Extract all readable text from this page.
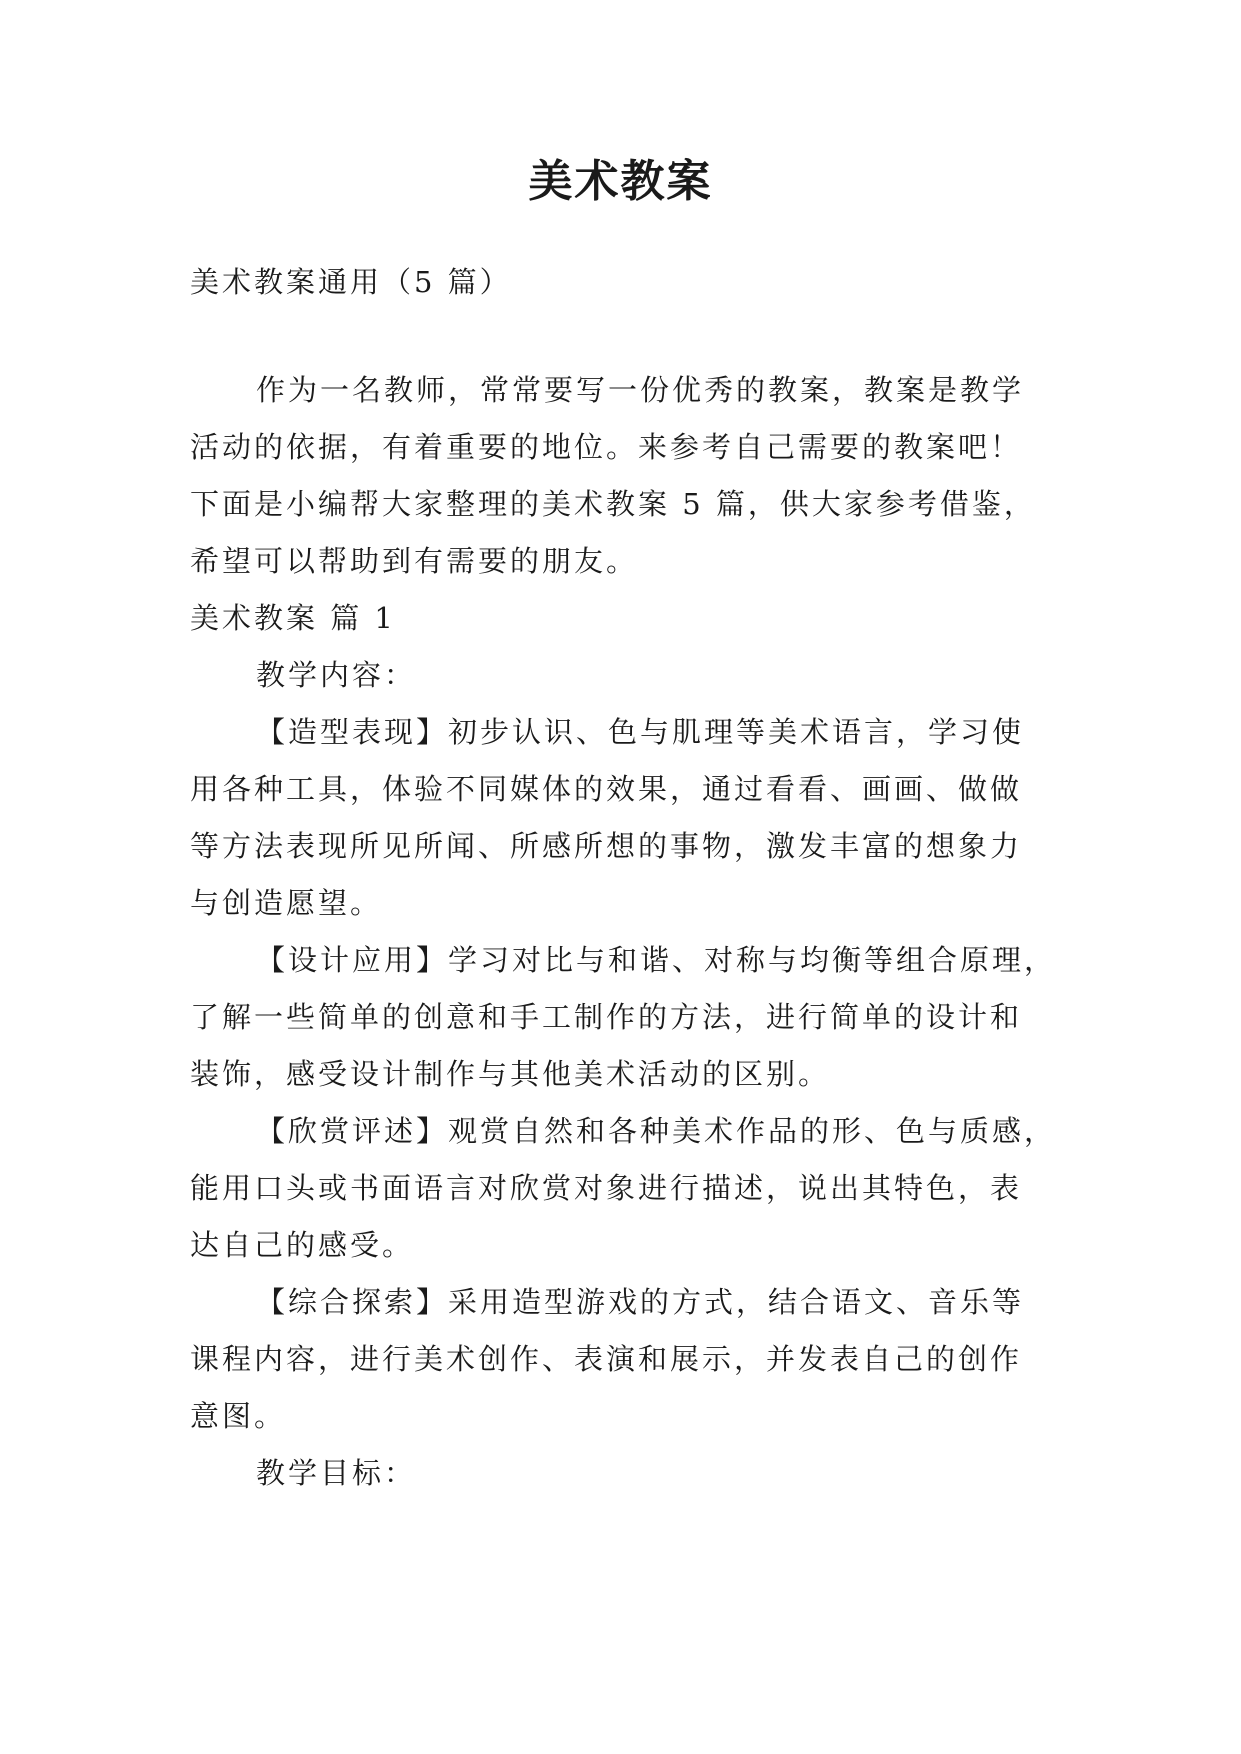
美术教案
美术教案通用（5 篇）
作为一名教师，常常要写一份优秀的教案，教案是教学
活动的依据，有着重要的地位。来参考自己需要的教案吧！
下面是小编帮大家整理的美术教案 5 篇，供大家参考借鉴，
希望可以帮助到有需要的朋友。
美术教案 篇 1
教学内容：
【造型表现】初步认识、色与肌理等美术语言，学习使
用各种工具，体验不同媒体的效果，通过看看、画画、做做
等方法表现所见所闻、所感所想的事物，激发丰富的想象力
与创造愿望。
【设计应用】学习对比与和谐、对称与均衡等组合原理，
了解一些简单的创意和手工制作的方法，进行简单的设计和
装饰，感受设计制作与其他美术活动的区别。
【欣赏评述】观赏自然和各种美术作品的形、色与质感，
能用口头或书面语言对欣赏对象进行描述，说出其特色，表
达自己的感受。
【综合探索】采用造型游戏的方式，结合语文、音乐等
课程内容，进行美术创作、表演和展示，并发表自己的创作
意图。
教学目标：
